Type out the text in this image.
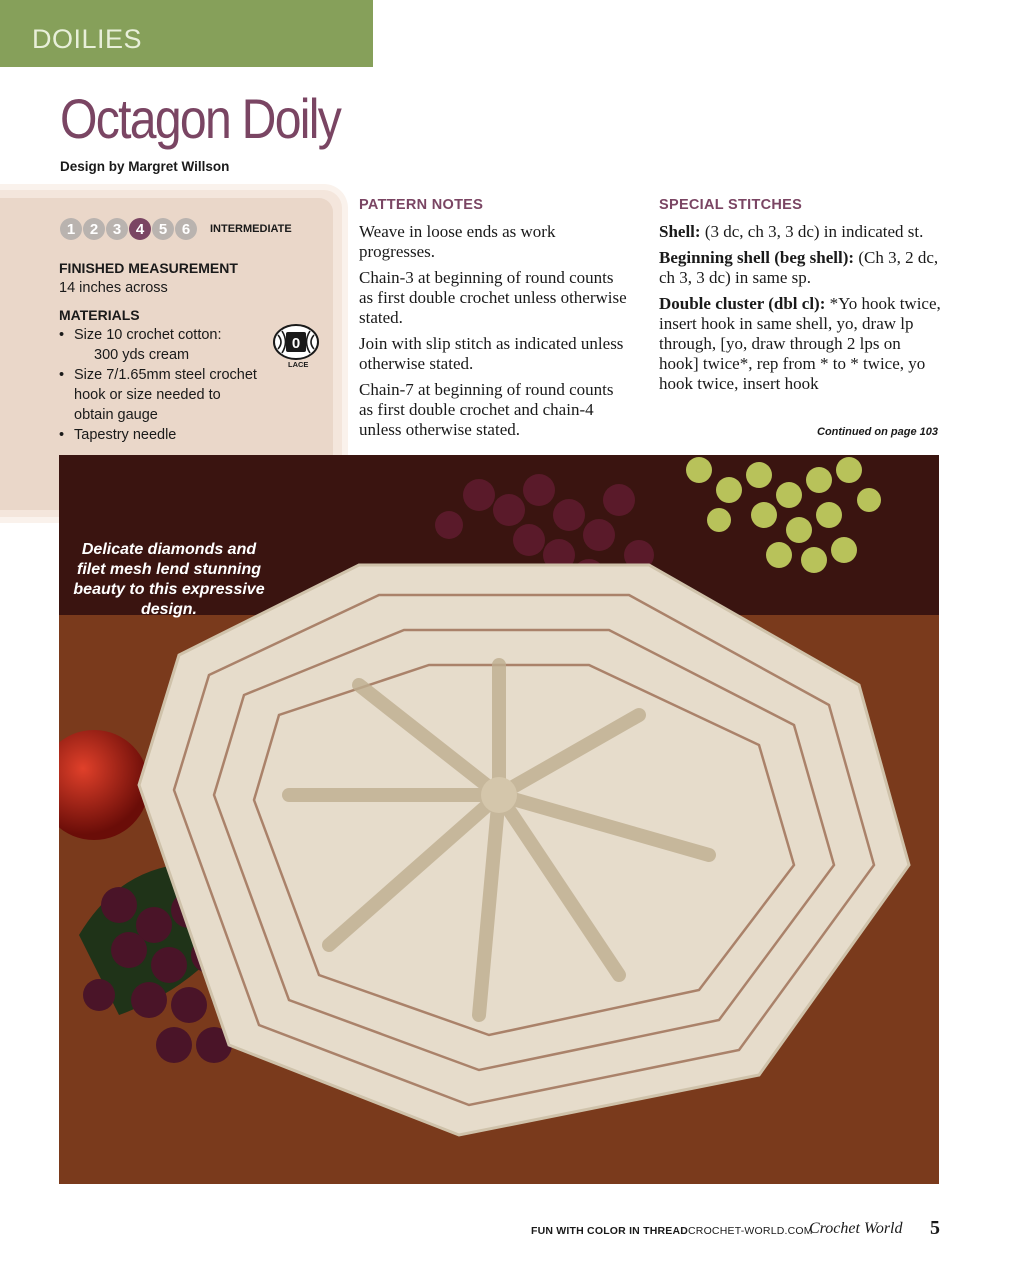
DOILIES
Octagon Doily
Design by Margret Willson
1 2 3 4 5 6	INTERMEDIATE
FINISHED MEASUREMENT
14 inches across
MATERIALS
• Size 10 crochet cotton:
300 yds cream
• Size 7/1.65mm steel crochet
hook or size needed to
obtain gauge
• Tapestry needle
0
LACE
PATTERN NOTES

Weave in loose ends as work progresses.

Chain-3 at beginning of round counts as first double crochet unless otherwise stated.

Join with slip stitch as indicated unless otherwise stated.

Chain-7 at beginning of round counts as first double crochet and chain-4 unless otherwise stated.

SPECIAL STITCHES

Shell: (3 dc, ch 3, 3 dc) in indicated st.

Beginning shell (beg shell): (Ch 3, 2 dc, ch 3, 3 dc) in same sp.

Double cluster (dbl cl): *Yo hook twice, insert hook in same shell, yo, draw lp through, [yo, draw through 2 lps on hook] twice*, rep from * to * twice, yo hook twice, insert hook

Continued on page 103
Delicate diamonds and filet mesh lend stunning beauty to this expressive design.
FUN WITH COLOR IN THREAD CROCHET-WORLD.COM
Crochet World 5
